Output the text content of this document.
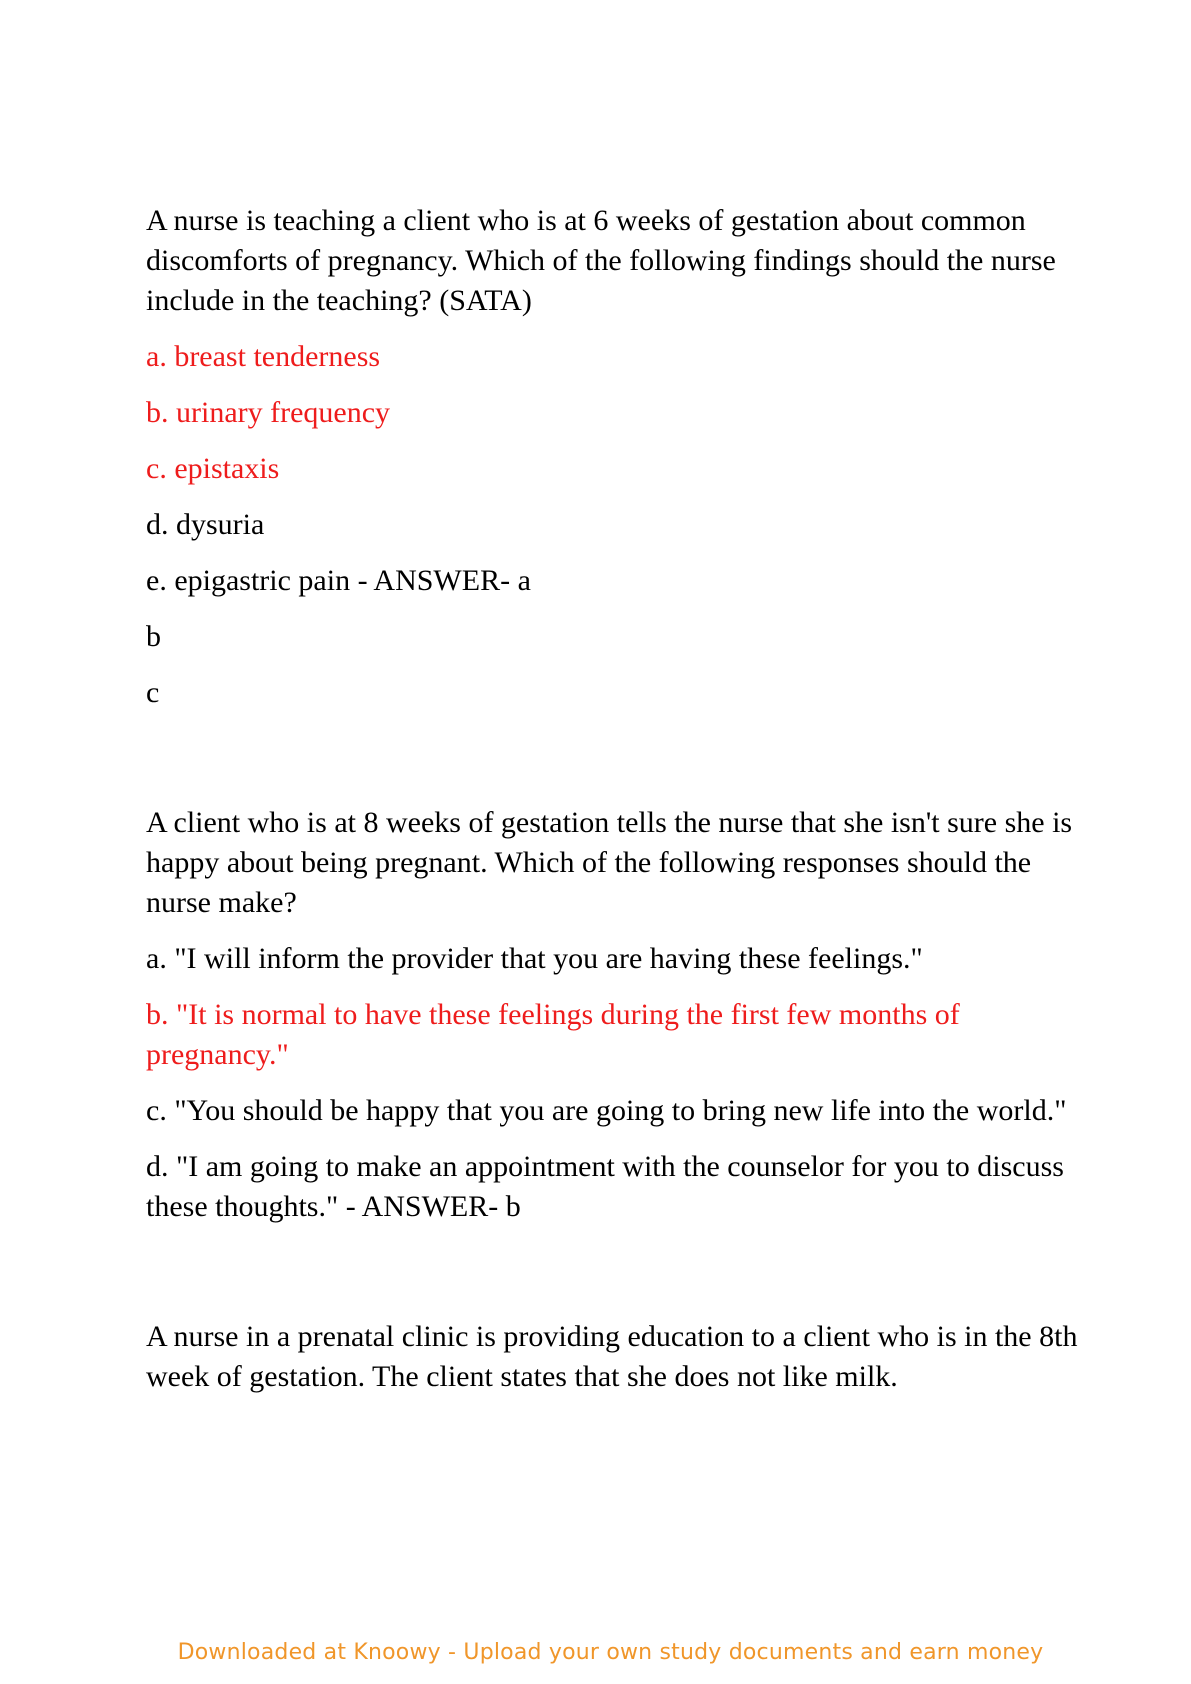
A nurse is teaching a client who is at 6 weeks of gestation about common discomforts of pregnancy. Which of the following findings should the nurse include in the teaching? (SATA)

a. breast tenderness

b. urinary frequency

c. epistaxis

d. dysuria

e. epigastric pain - ANSWER- a

b

c

A client who is at 8 weeks of gestation tells the nurse that she isn't sure she is happy about being pregnant. Which of the following responses should the nurse make?

a. "I will inform the provider that you are having these feelings."

b. "It is normal to have these feelings during the first few months of pregnancy."

c. "You should be happy that you are going to bring new life into the world."

d. "I am going to make an appointment with the counselor for you to discuss these thoughts." - ANSWER- b

A nurse in a prenatal clinic is providing education to a client who is in the 8th week of gestation. The client states that she does not like milk.

Downloaded at Knoowy - Upload your own study documents and earn money
